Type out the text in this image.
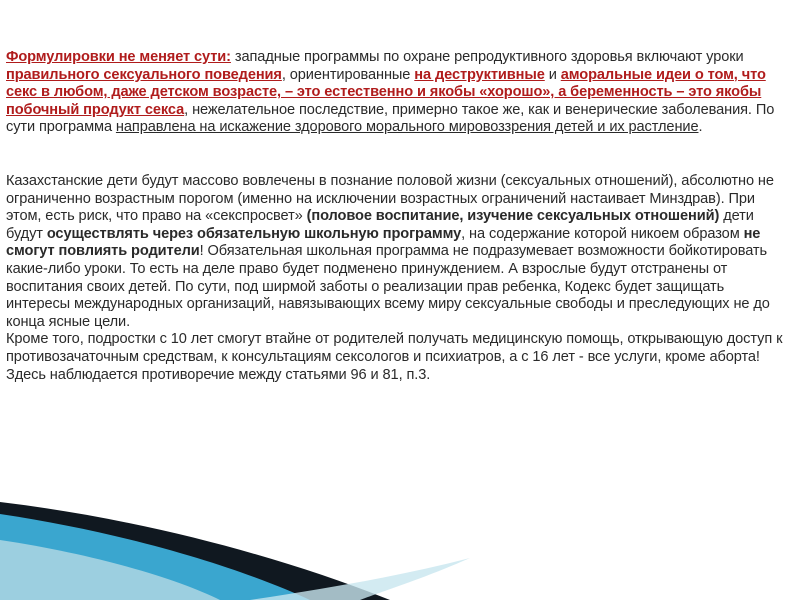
Формулировки не меняет сути: западные программы по охране репродуктивного здоровья включают уроки правильного сексуального поведения, ориентированные на деструктивные и аморальные идеи о том, что секс в любом, даже детском возрасте, – это естественно и якобы «хорошо», а беременность – это якобы побочный продукт секса, нежелательное последствие, примерно такое же, как и венерические заболевания. По сути программа направлена на искажение здорового морального мировоззрения детей и их растление.

Казахстанские дети будут массово вовлечены в познание половой жизни (сексуальных отношений), абсолютно не ограниченно возрастным порогом (именно на исключении возрастных ограничений настаивает Минздрав). При этом, есть риск, что право на «секспросвет» (половое воспитание, изучение сексуальных отношений) дети будут осуществлять через обязательную школьную программу, на содержание которой никоем образом не смогут повлиять родители! Обязательная школьная программа не подразумевает возможности бойкотировать какие-либо уроки. То есть на деле право будет подменено принуждением. А взрослые будут отстранены от воспитания своих детей. По сути, под ширмой заботы о реализации прав ребенка, Кодекс будет защищать интересы международных организаций, навязывающих всему миру сексуальные свободы и преследующих не до конца ясные цели.

Кроме того, подростки с 10 лет смогут втайне от родителей получать медицинскую помощь, открывающую доступ к противозачаточным средствам, к консультациям сексологов и психиатров, а с 16 лет - все услуги, кроме аборта! Здесь наблюдается противоречие между статьями 96 и 81, п.3.
